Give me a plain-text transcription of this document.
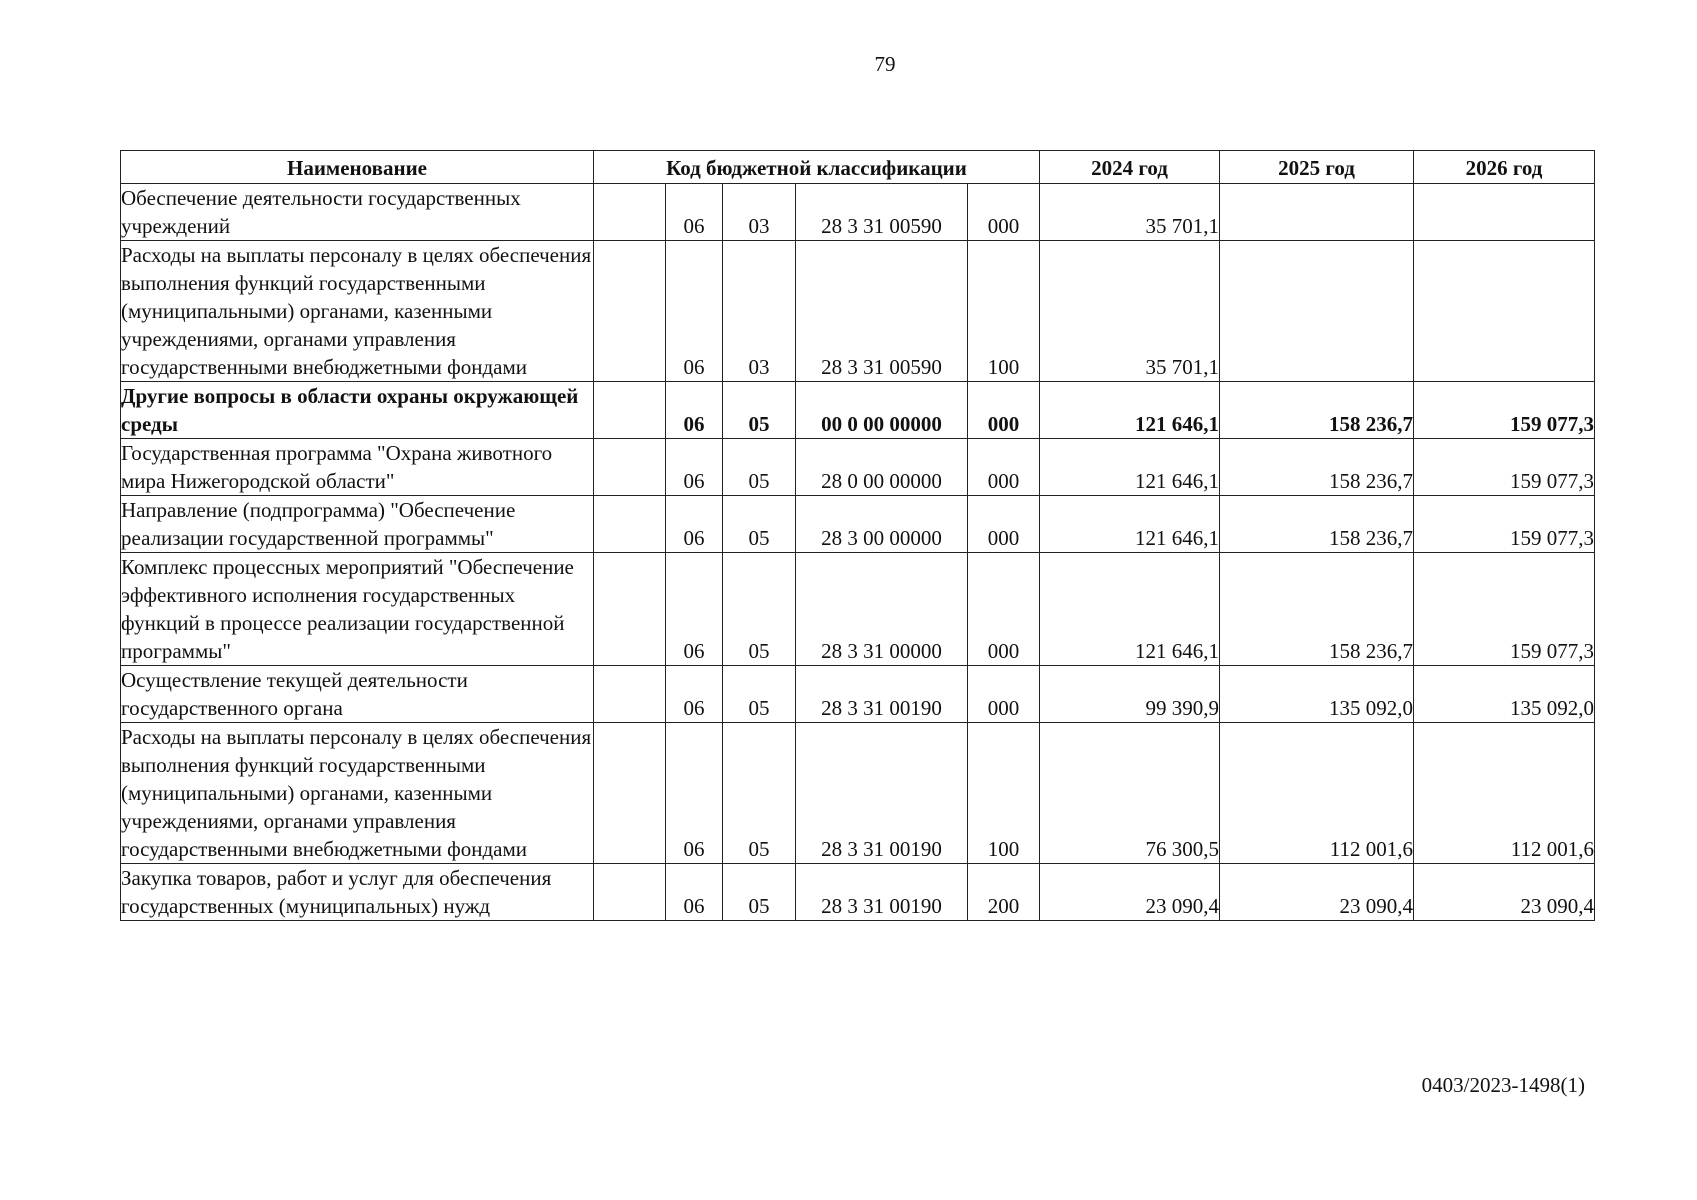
79
Наименование	Код бюджетной классификации					2024 год	2025 год	2026 год
Обеспечение деятельности государственных учреждений		06	03	28 3 31 00590	000	35 701,1		
Расходы на выплаты персоналу в целях обеспечения выполнения функций государственными (муниципальными) органами, казенными учреждениями, органами управления государственными внебюджетными фондами		06	03	28 3 31 00590	100	35 701,1		
Другие вопросы в области охраны окружающей среды		06	05	00 0 00 00000	000	121 646,1	158 236,7	159 077,3
Государственная программа "Охрана животного мира Нижегородской области"		06	05	28 0 00 00000	000	121 646,1	158 236,7	159 077,3
Направление (подпрограмма) "Обеспечение реализации государственной программы"		06	05	28 3 00 00000	000	121 646,1	158 236,7	159 077,3
Комплекс процессных мероприятий "Обеспечение эффективного исполнения государственных функций в процессе реализации государственной программы"		06	05	28 3 31 00000	000	121 646,1	158 236,7	159 077,3
Осуществление текущей деятельности государственного органа		06	05	28 3 31 00190	000	99 390,9	135 092,0	135 092,0
Расходы на выплаты персоналу в целях обеспечения выполнения функций государственными (муниципальными) органами, казенными учреждениями, органами управления государственными внебюджетными фондами		06	05	28 3 31 00190	100	76 300,5	112 001,6	112 001,6
Закупка товаров, работ и услуг для обеспечения государственных (муниципальных) нужд		06	05	28 3 31 00190	200	23 090,4	23 090,4	23 090,4
0403/2023-1498(1)
